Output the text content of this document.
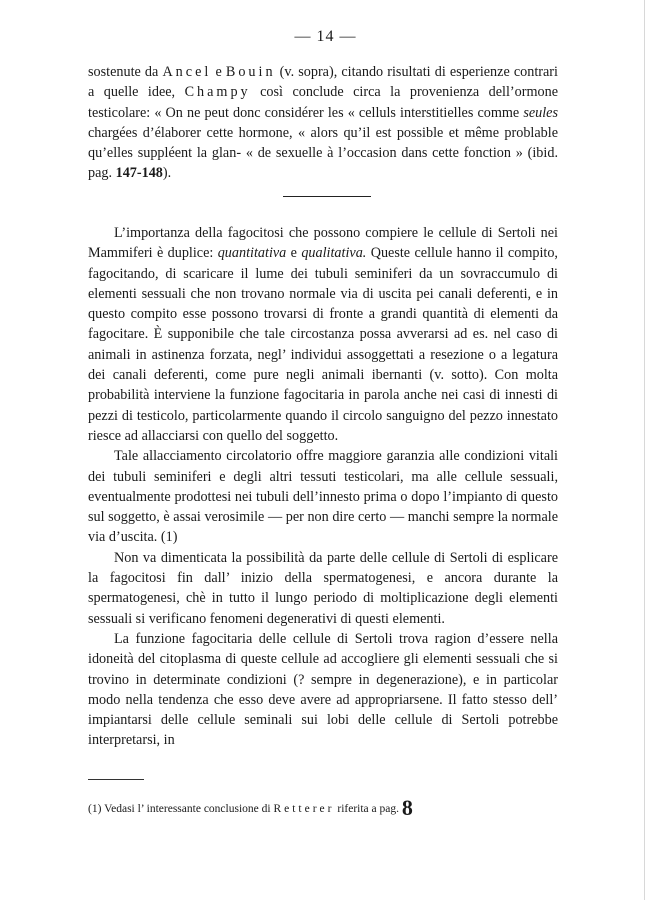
— 14 —

sostenute da Ancel e Bouin (v. sopra), citando risultati di esperienze contrari a quelle idee, Champy così conclude circa la provenienza dell’ormone testicolare: « On ne peut donc considérer les « celluls interstitielles comme seules chargées d’élaborer cette hormone, « alors qu’il est possible et même problable qu’elles suppléent la glan- « de sexuelle à l’occasion dans cette fonction » (ibid. pag. 147-148).

L’importanza della fagocitosi che possono compiere le cellule di Sertoli nei Mammiferi è duplice: quantitativa e qualitativa. Queste cellule hanno il compito, fagocitando, di scaricare il lume dei tubuli seminiferi da un sovraccumulo di elementi sessuali che non trovano normale via di uscita pei canali deferenti, e in questo compito esse possono trovarsi di fronte a grandi quantità di elementi da fagocitare. È supponibile che tale circostanza possa avverarsi ad es. nel caso di animali in astinenza forzata, negl’ individui assoggettati a resezione o a legatura dei canali deferenti, come pure negli animali ibernanti (v. sotto). Con molta probabilità interviene la funzione fagocitaria in parola anche nei casi di innesti di pezzi di testicolo, particolarmente quando il circolo sanguigno del pezzo innestato riesce ad allacciarsi con quello del soggetto.

Tale allacciamento circolatorio offre maggiore garanzia alle condizioni vitali dei tubuli seminiferi e degli altri tessuti testicolari, ma alle cellule sessuali, eventualmente prodottesi nei tubuli dell’innesto prima o dopo l’impianto di questo sul soggetto, è assai verosimile — per non dire certo — manchi sempre la normale via d’uscita. (1)

Non va dimenticata la possibilità da parte delle cellule di Sertoli di esplicare la fagocitosi fin dall’ inizio della spermatogenesi, e ancora durante la spermatogenesi, chè in tutto il lungo periodo di moltiplicazione degli elementi sessuali si verificano fenomeni degenerativi di questi elementi.

La funzione fagocitaria delle cellule di Sertoli trova ragion d’essere nella idoneità del citoplasma di queste cellule ad accogliere gli elementi sessuali che si trovino in determinate condizioni (? sempre in degenerazione), e in particolar modo nella tendenza che esso deve avere ad appropriarsene. Il fatto stesso dell’ impiantarsi delle cellule seminali sui lobi delle cellule di Sertoli potrebbe interpretarsi, in

(1) Vedasi l’ interessante conclusione di Retterer riferita a pag. 8
